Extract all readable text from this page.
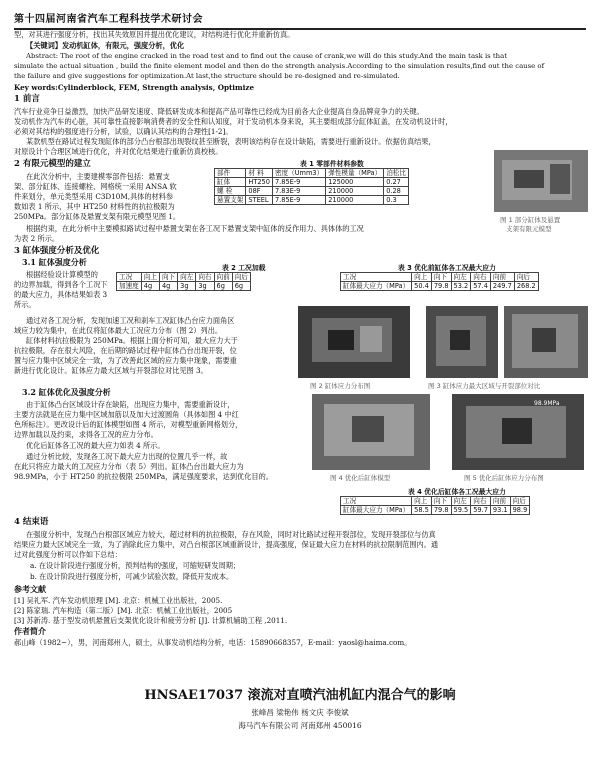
第十四届河南省汽车工程科技学术研讨会
型，对其进行强度分析，找出其失效原因并提出优化建议，对结构进行优化并重新仿真。
【关键词】发动机缸体，有限元，强度分析，优化
Abstract: The root of the engine cracked in the road test and to find out the cause of crank,we will do this study.And the main task is that
simulate the actual situation , build the finite element model and then do the strength analysis.According to the simulation results,find out the cause of
the failure and give suggestions for optimization.At last,the structure should be re-designed and re-simulated.
Key words:Cylinderblock, FEM, Strength analysis, Optimize
1 前言
汽车行业竞争日益激烈，加快产品研发速度、降低研发成本和提高产品可靠性已经成为目前各大企业提高自身品牌竞争力的关键。
发动机作为汽车的心脏，其可靠性直接影响消费者的安全性和认知度，对于发动机本身来说，其主要组成部分缸体缸盖，在发动机设计时，
必须对其结构的强度进行分析，试验，以确认其结构的合理性[1-2]。
某款机型在路试过程发现缸体的部分凸台根部出现裂纹甚至断裂，表明该结构存在设计缺陷，需要进行重新设计。依据仿真结果，
对原设计个合理区域进行优化，并对优化结果进行重新仿真校核。
2 有限元模型的建立
在此次分析中，主要建模零部件包括：悬置支
架、部分缸体、连接螺栓、网格统一采用 ANSA 软
件来划分，单元类型采用 C3D10M,具体的材料参
数如表 1 所示，其中 HT250 材料性的抗拉极限为
250MPa。部分缸体及悬置支架有限元模型见图 1。
根据约束，在此分析中主要模拟路试过程中悬置支架在各工况下悬置支架中缸体的反作用力、具体体的工况
为表 2 所示。
表 1 零部件材料参数
部件	材 料	密度（Umm3）	弹性模量（MPa）	泊松比
缸体	HT250	7.85E-9	125000	0.27
螺 栓	08F	7.83E-9	210000	0.28
悬置支架	STEEL	7.85E-9	210000	0.3
图 1 部分缸体及悬置
支架有限元模型
3 缸体强度分析及优化
3.1 缸体强度分析
根据经验设计算模型的
的边界加载，得到各个工况下
的最大应力，具体结果如表 3
所示。
表 2 工况加载
工况	向上	向下	向左	向右	向前	向后
加速度	4g	4g	3g	3g	6g	6g
表 3 优化前缸体各工况最大应力
工况	向上	向下	向左	向右	向前	向后
缸体最大应力（MPa）	50.4	79.8	53.2	57.4	249.7	268.2
通过对各工况分析，发现加速工况和刹车工况缸体凸台应力面角区
域应力较为集中，在此仅将缸体最大工况应力分布（图 2）列出。
缸体材料抗拉极限为 250MPa。根据上面分析可知，最大应力大于
抗拉极限，存在很大风险，在后期的路试过程中缸体凸台出现开裂，位
置与应力集中区域完全一致，为了改善此区域的应力集中现象，需要重
新进行优化设计。缸体应力最大区域与开裂部位对比见图 3。
图 2 缸体应力分布图	图 3 缸体应力最大区域与开裂部位对比
3.2 缸体优化及强度分析
由于缸体凸台区域设计存在缺陷，出现应力集中，需要重新设计，
主要方法就是在应力集中区域加筋以及加大过渡圆角（具体如图 4 中红
色所标注）。更改设计后的缸体模型如图 4 所示，对模型重新网格划分，
边界加载以及约束，求得各工况的应力分布。
优化后缸体各工况的最大应力如表 4 所示。
通过分析比较，发现各工况下最大应力出现的位置几乎一样，故
在此只将应力最大的工况应力分布（表 5）列出。缸体凸台出最大应力为
98.9MPa，小于 HT250 的抗拉极限 250MPa，满足强度要求，达到优化目的。	图 4 优化后缸体模型
98.9MPa
图 5 优化后缸体应力分布图
表 4 优化后缸体各工况最大应力
工况	向上	向下	向左	向右	向前	向后
缸体最大应力（MPa）	58.5	79.8	59.5	59.7	93.1	98.9
4 结束语
在强度分析中，发现凸台根部区域应力较大，超过材料的抗拉极限，存在风险，同时对比路试过程开裂部位，发现开裂部位与仿真
结果应力最大区域完全一致，为了消除此应力集中，对凸台根部区域重新设计，提高强度，保证最大应力在材料的抗拉限制范围内。通
过对此强度分析可以作如下总结：
a. 在设计阶段进行强度分析，预判结构的强度，可缩短研发周期；
b. 在设计阶段进行强度分析，可减少试验次数，降低开发成本。
参考文献
[1] 吴礼军. 汽车发动机原理 [M]. 北京：机械工业出版社，2005.
[2] 陈家瑞. 汽车构造（第二版）[M]. 北京：机械工业出版社，2005
[3] 苏新涛. 基于型发动机悬置后支架优化设计和疲劳分析 [J]. 计算机辅助工程 ,2011.
作者简介
郝山峰（1982~），男，河南郑州人，硕士，从事发动机结构分析，电话：15890668357，E-mail：yaosl@haima.com。
HNSAE17037 滚流对直喷汽油机缸内混合气的影响
张峰昌 梁艳伟 杨文庆 李俊斌
海马汽车有限公司 河南郑州 450016
